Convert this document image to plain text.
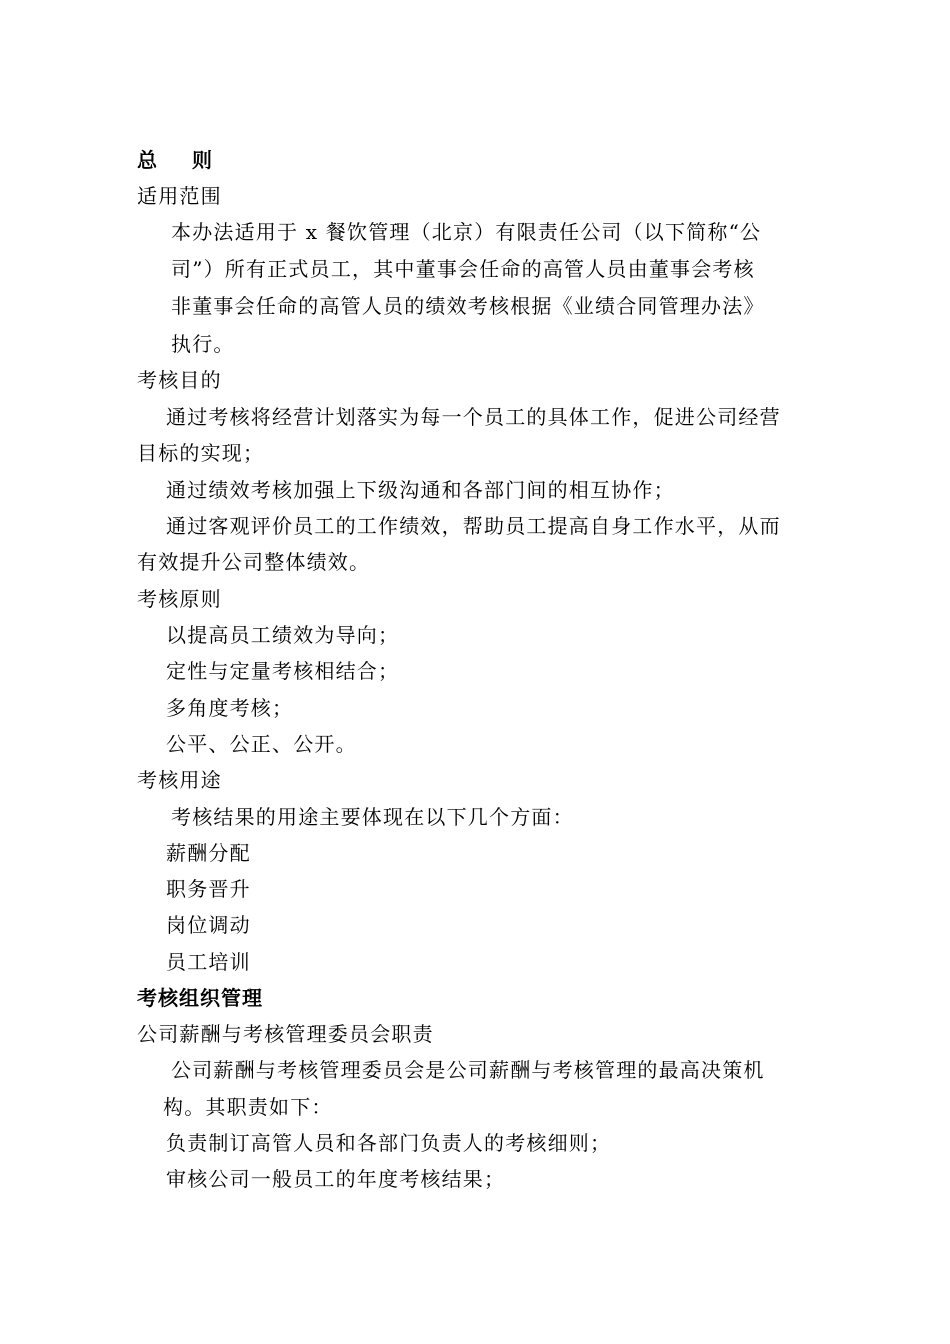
总 则
适用范围
本办法适用于 x 餐饮管理（北京）有限责任公司（以下简称“公
司”）所有正式员工，其中董事会任命的高管人员由董事会考核
非董事会任命的高管人员的绩效考核根据《业绩合同管理办法》
执行。
考核目的
通过考核将经营计划落实为每一个员工的具体工作，促进公司经营
目标的实现；
通过绩效考核加强上下级沟通和各部门间的相互协作；
通过客观评价员工的工作绩效，帮助员工提高自身工作水平，从而
有效提升公司整体绩效。
考核原则
以提高员工绩效为导向；
定性与定量考核相结合；
多角度考核；
公平、公正、公开。
考核用途
考核结果的用途主要体现在以下几个方面：
薪酬分配
职务晋升
岗位调动
员工培训
考核组织管理
公司薪酬与考核管理委员会职责
公司薪酬与考核管理委员会是公司薪酬与考核管理的最高决策机
构。其职责如下：
负责制订高管人员和各部门负责人的考核细则；
审核公司一般员工的年度考核结果；
